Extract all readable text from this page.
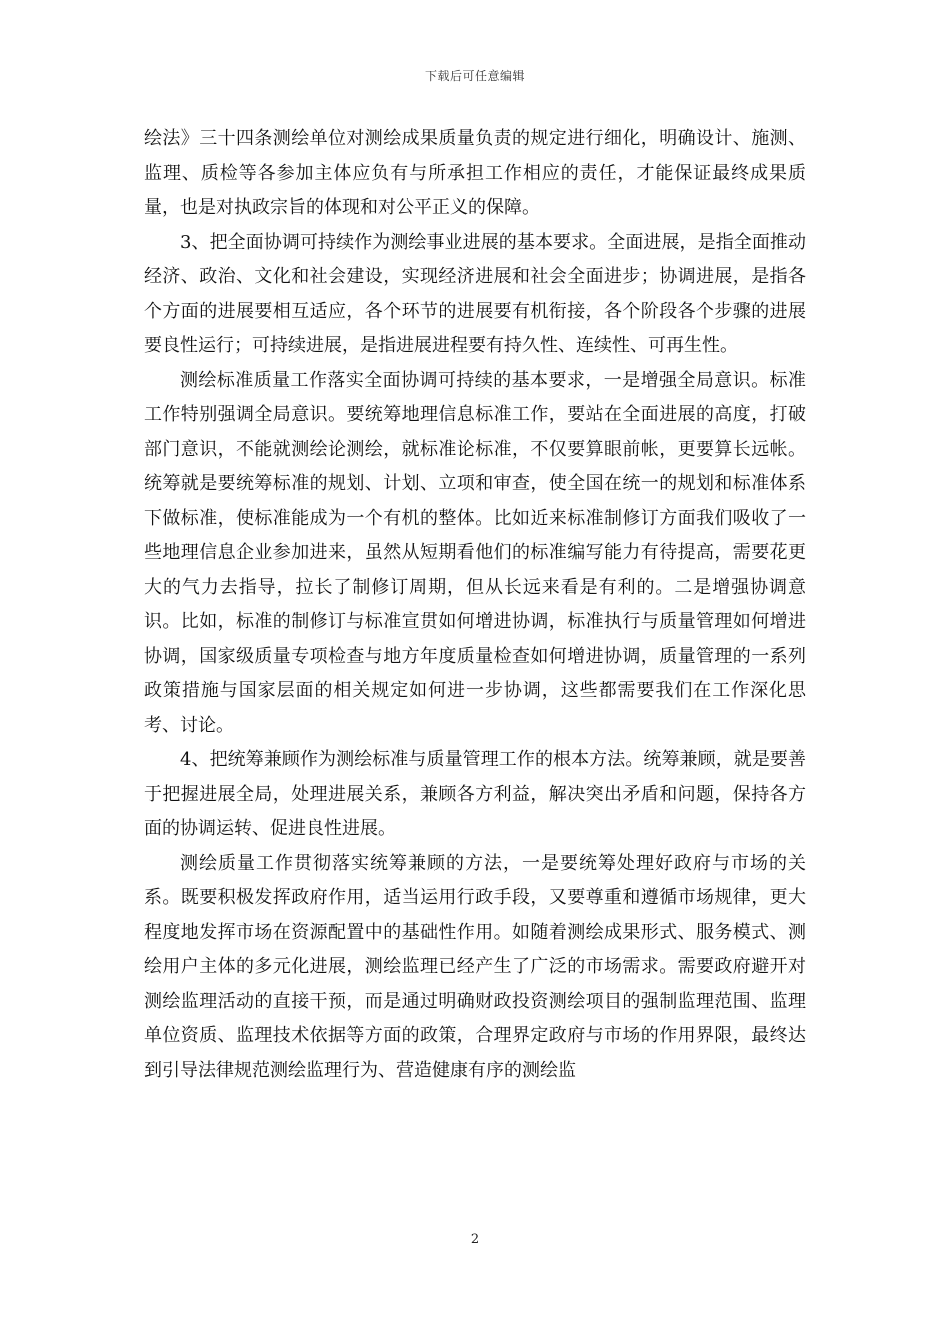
下载后可任意编辑

绘法》三十四条测绘单位对测绘成果质量负责的规定进行细化，明确设计、施测、监理、质检等各参加主体应负有与所承担工作相应的责任，才能保证最终成果质量，也是对执政宗旨的体现和对公平正义的保障。

3、把全面协调可持续作为测绘事业进展的基本要求。全面进展，是指全面推动经济、政治、文化和社会建设，实现经济进展和社会全面进步；协调进展，是指各个方面的进展要相互适应，各个环节的进展要有机衔接，各个阶段各个步骤的进展要良性运行；可持续进展，是指进展进程要有持久性、连续性、可再生性。

测绘标准质量工作落实全面协调可持续的基本要求，一是增强全局意识。标准工作特别强调全局意识。要统筹地理信息标准工作，要站在全面进展的高度，打破部门意识，不能就测绘论测绘，就标准论标准，不仅要算眼前帐，更要算长远帐。统筹就是要统筹标准的规划、计划、立项和审查，使全国在统一的规划和标准体系下做标准，使标准能成为一个有机的整体。比如近来标准制修订方面我们吸收了一些地理信息企业参加进来，虽然从短期看他们的标准编写能力有待提高，需要花更大的气力去指导，拉长了制修订周期，但从长远来看是有利的。二是增强协调意识。比如，标准的制修订与标准宣贯如何增进协调，标准执行与质量管理如何增进协调，国家级质量专项检查与地方年度质量检查如何增进协调，质量管理的一系列政策措施与国家层面的相关规定如何进一步协调，这些都需要我们在工作深化思考、讨论。

4、把统筹兼顾作为测绘标准与质量管理工作的根本方法。统筹兼顾，就是要善于把握进展全局，处理进展关系，兼顾各方利益，解决突出矛盾和问题，保持各方面的协调运转、促进良性进展。

测绘质量工作贯彻落实统筹兼顾的方法，一是要统筹处理好政府与市场的关系。既要积极发挥政府作用，适当运用行政手段，又要尊重和遵循市场规律，更大程度地发挥市场在资源配置中的基础性作用。如随着测绘成果形式、服务模式、测绘用户主体的多元化进展，测绘监理已经产生了广泛的市场需求。需要政府避开对测绘监理活动的直接干预，而是通过明确财政投资测绘项目的强制监理范围、监理单位资质、监理技术依据等方面的政策，合理界定政府与市场的作用界限，最终达到引导法律规范测绘监理行为、营造健康有序的测绘监

2
